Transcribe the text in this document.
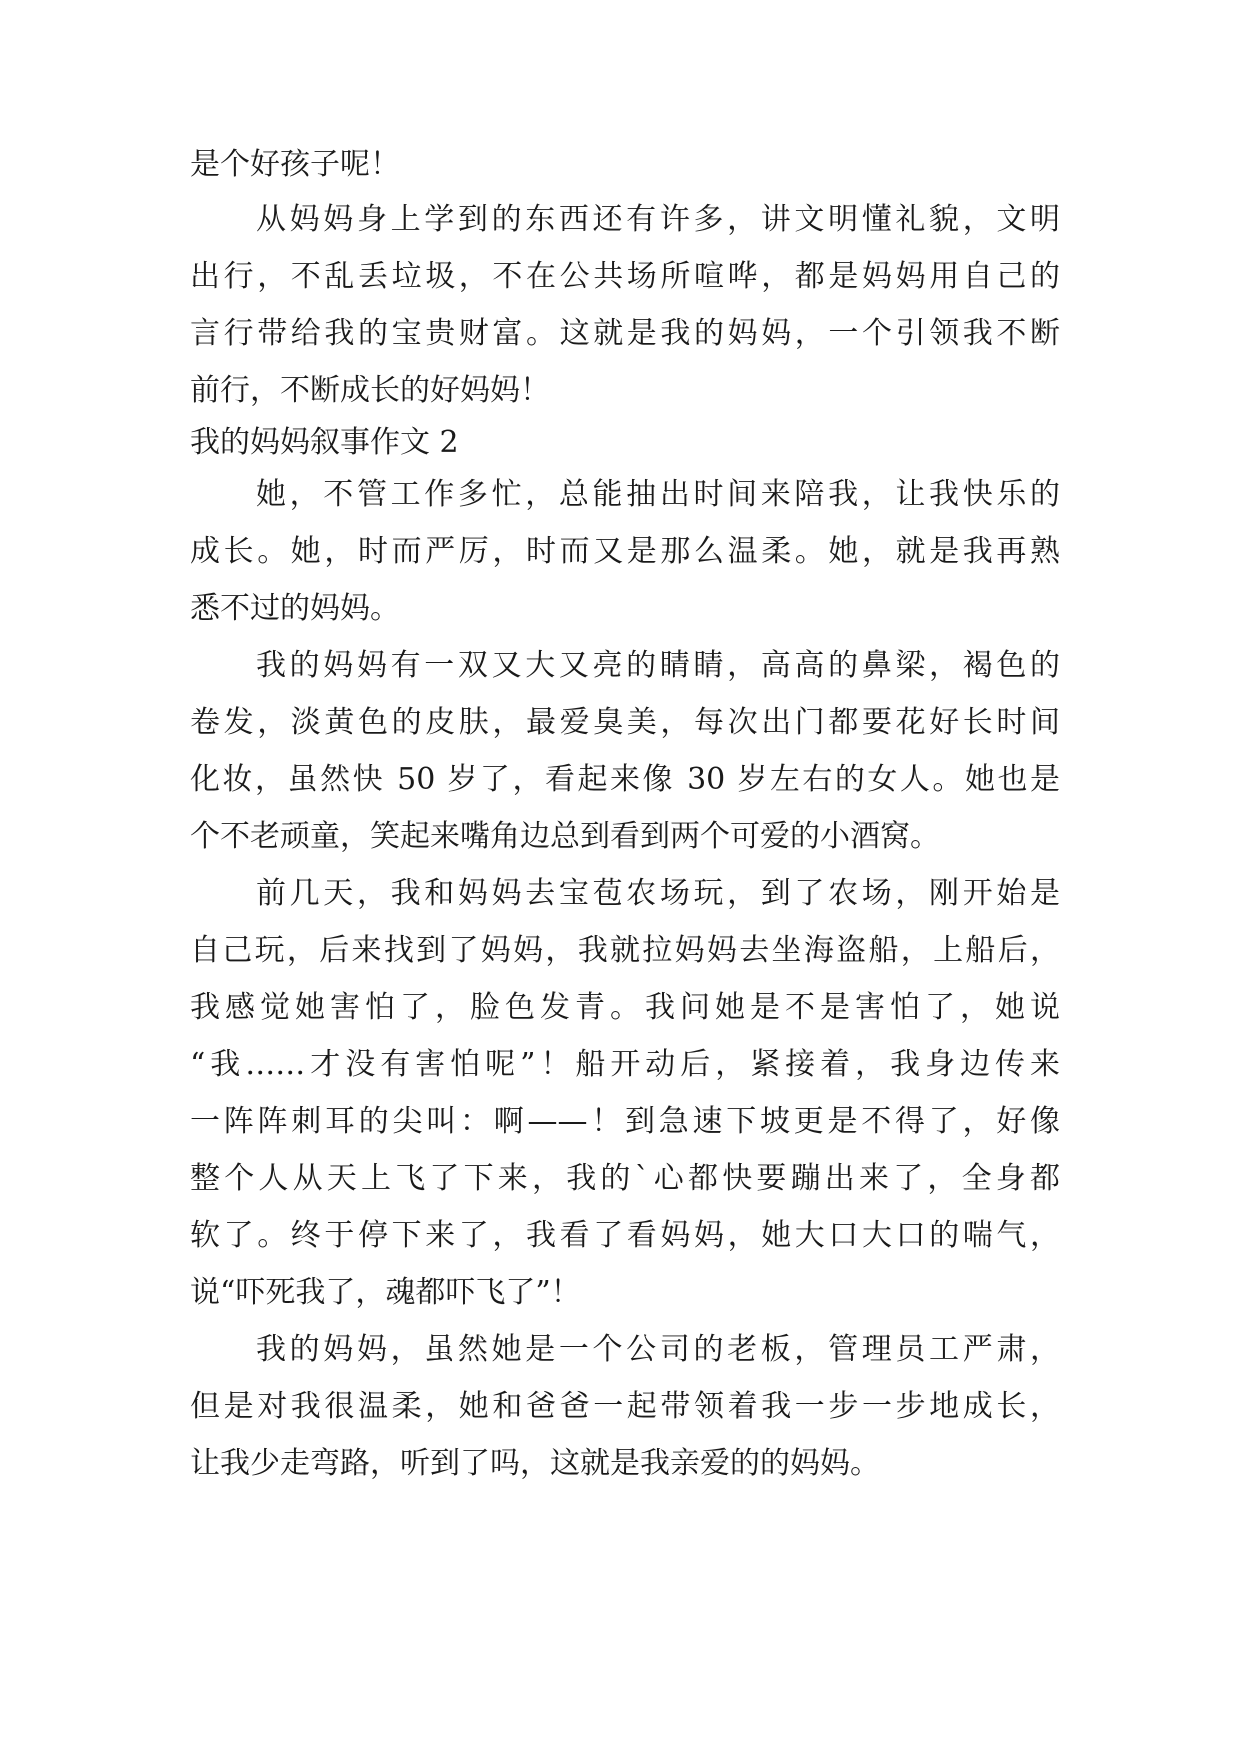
是个好孩子呢！
从妈妈身上学到的东西还有许多，讲文明懂礼貌，文明
出行，不乱丢垃圾，不在公共场所喧哗，都是妈妈用自己的
言行带给我的宝贵财富。这就是我的妈妈，一个引领我不断
前行，不断成长的好妈妈！
我的妈妈叙事作文 2
她，不管工作多忙，总能抽出时间来陪我，让我快乐的
成长。她，时而严厉，时而又是那么温柔。她，就是我再熟
悉不过的妈妈。
我的妈妈有一双又大又亮的睛睛，高高的鼻梁，褐色的
卷发，淡黄色的皮肤，最爱臭美，每次出门都要花好长时间
化妆，虽然快 50 岁了，看起来像 30 岁左右的女人。她也是
个不老顽童，笑起来嘴角边总到看到两个可爱的小酒窝。
前几天，我和妈妈去宝苞农场玩，到了农场，刚开始是
自己玩，后来找到了妈妈，我就拉妈妈去坐海盗船，上船后，
我感觉她害怕了，脸色发青。我问她是不是害怕了，她说
“我……才没有害怕呢”！船开动后，紧接着，我身边传来
一阵阵刺耳的尖叫：啊——！到急速下坡更是不得了，好像
整个人从天上飞了下来，我的`心都快要蹦出来了，全身都
软了。终于停下来了，我看了看妈妈，她大口大口的喘气，
说“吓死我了，魂都吓飞了”！
我的妈妈，虽然她是一个公司的老板，管理员工严肃，
但是对我很温柔，她和爸爸一起带领着我一步一步地成长，
让我少走弯路，听到了吗，这就是我亲爱的的妈妈。
